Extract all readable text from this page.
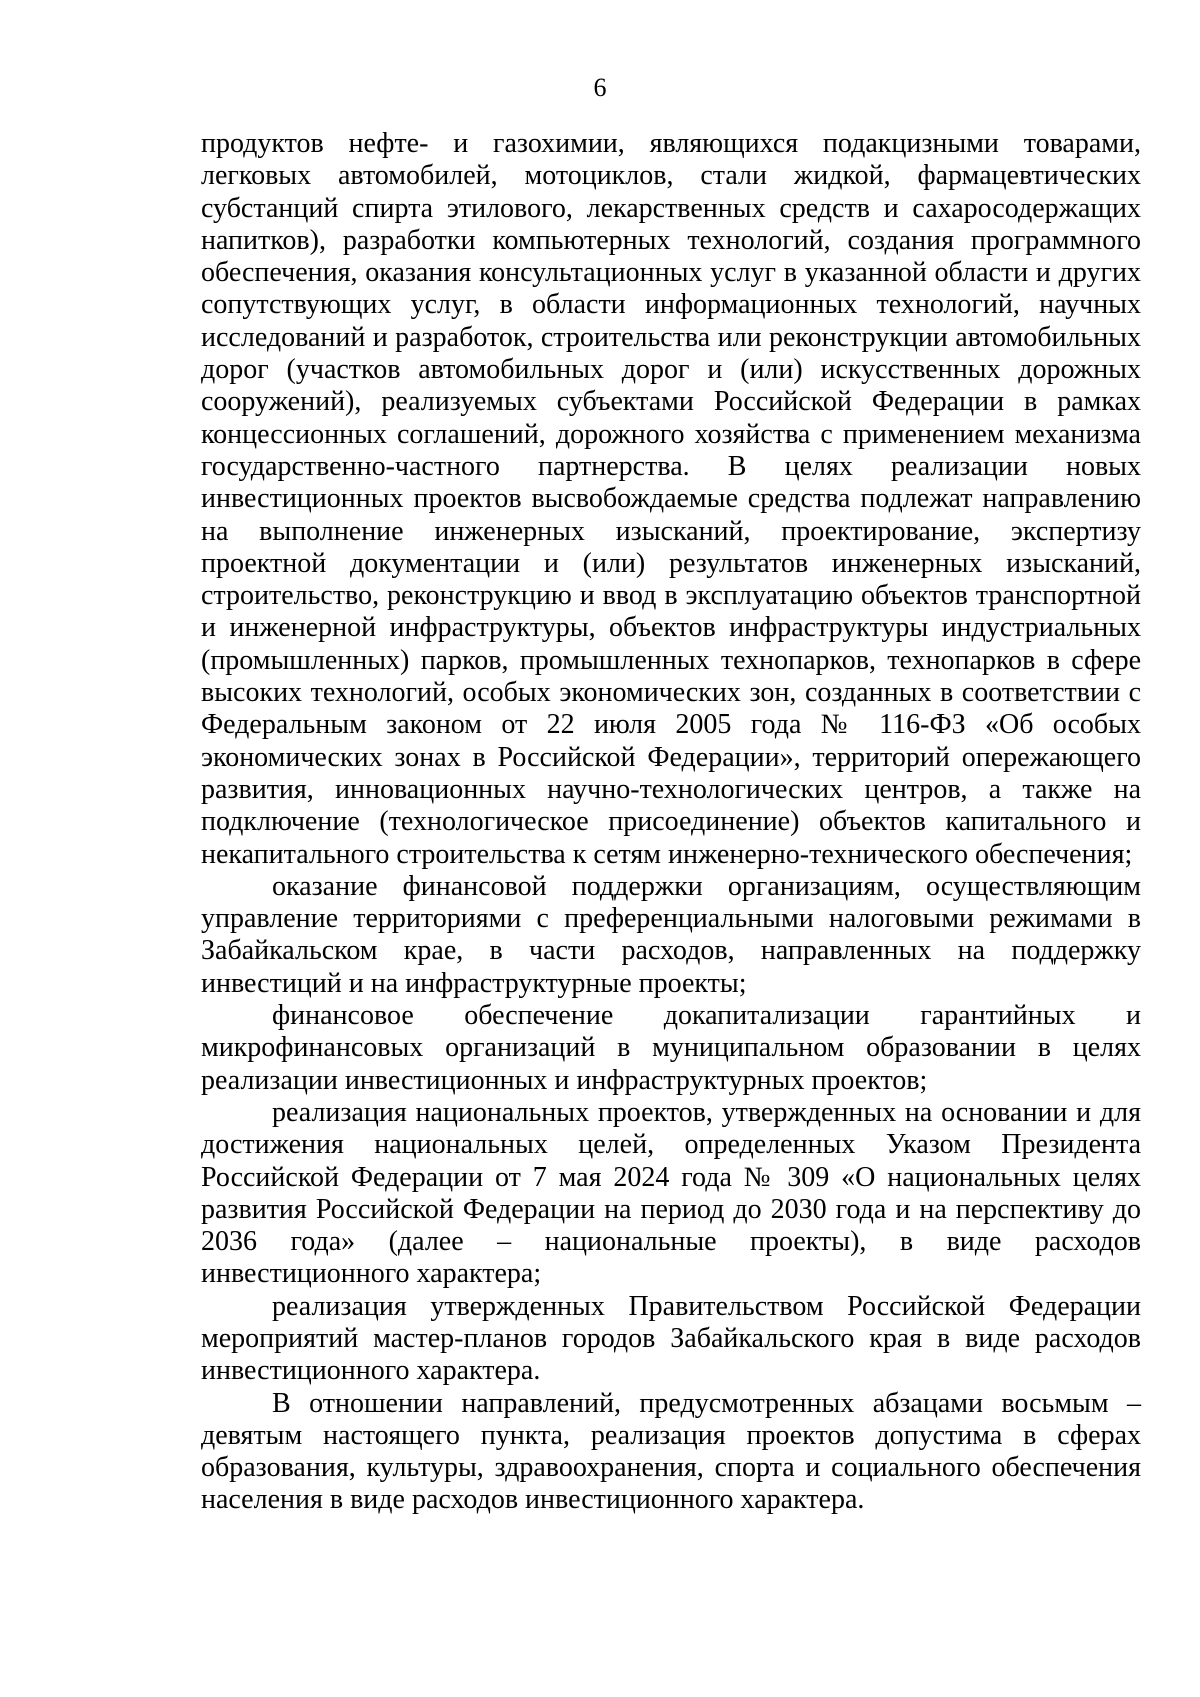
6

продуктов нефте- и газохимии, являющихся подакцизными товарами, легковых автомобилей, мотоциклов, стали жидкой, фармацевтических субстанций спирта этилового, лекарственных средств и сахаросодержащих напитков), разработки компьютерных технологий, создания программного обеспечения, оказания консультационных услуг в указанной области и других сопутствующих услуг, в области информационных технологий, научных исследований и разработок, строительства или реконструкции автомобильных дорог (участков автомобильных дорог и (или) искусственных дорожных сооружений), реализуемых субъектами Российской Федерации в рамках концессионных соглашений, дорожного хозяйства с применением механизма государственно-частного партнерства. В целях реализации новых инвестиционных проектов высвобождаемые средства подлежат направлению на выполнение инженерных изысканий, проектирование, экспертизу проектной документации и (или) результатов инженерных изысканий, строительство, реконструкцию и ввод в эксплуатацию объектов транспортной и инженерной инфраструктуры, объектов инфраструктуры индустриальных (промышленных) парков, промышленных технопарков, технопарков в сфере высоких технологий, особых экономических зон, созданных в соответствии с Федеральным законом от 22 июля 2005 года № 116-ФЗ «Об особых экономических зонах в Российской Федерации», территорий опережающего развития, инновационных научно-технологических центров, а также на подключение (технологическое присоединение) объектов капитального и некапитального строительства к сетям инженерно-технического обеспечения;

оказание финансовой поддержки организациям, осуществляющим управление территориями с преференциальными налоговыми режимами в Забайкальском крае, в части расходов, направленных на поддержку инвестиций и на инфраструктурные проекты;

финансовое обеспечение докапитализации гарантийных и микрофинансовых организаций в муниципальном образовании в целях реализации инвестиционных и инфраструктурных проектов;

реализация национальных проектов, утвержденных на основании и для достижения национальных целей, определенных Указом Президента Российской Федерации от 7 мая 2024 года № 309 «О национальных целях развития Российской Федерации на период до 2030 года и на перспективу до 2036 года» (далее – национальные проекты), в виде расходов инвестиционного характера;

реализация утвержденных Правительством Российской Федерации мероприятий мастер-планов городов Забайкальского края в виде расходов инвестиционного характера.

В отношении направлений, предусмотренных абзацами восьмым – девятым настоящего пункта, реализация проектов допустима в сферах образования, культуры, здравоохранения, спорта и социального обеспечения населения в виде расходов инвестиционного характера.
